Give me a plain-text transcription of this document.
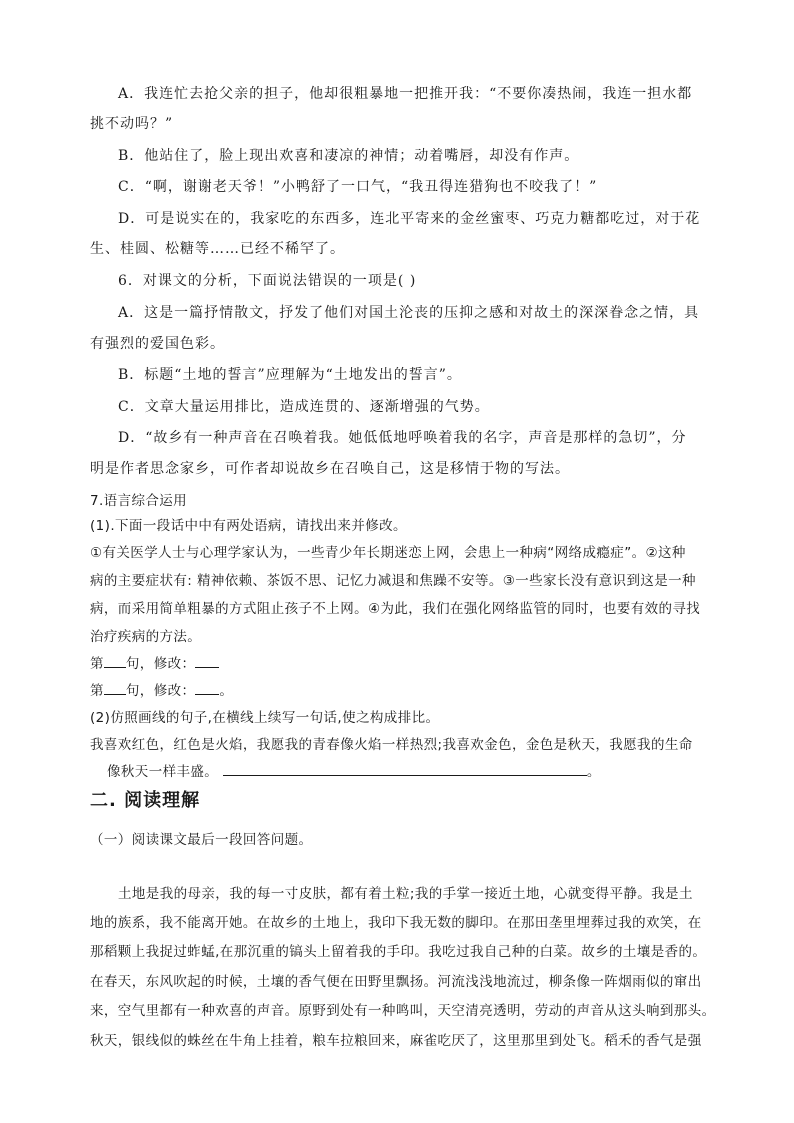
A．我连忙去抢父亲的担子，他却很粗暴地一把推开我：“不要你凑热闹，我连一担水都
挑不动吗？”
B．他站住了，脸上现出欢喜和凄凉的神情；动着嘴唇，却没有作声。
C．“啊，谢谢老天爷！”小鸭舒了一口气，“我丑得连猎狗也不咬我了！”
D．可是说实在的，我家吃的东西多，连北平寄来的金丝蜜枣、巧克力糖都吃过，对于花
生、桂圆、松糖等……已经不稀罕了。
6．对课文的分析，下面说法错误的一项是( )
A．这是一篇抒情散文，抒发了他们对国土沦丧的压抑之感和对故土的深深眷念之情，具
有强烈的爱国色彩。
B．标题“土地的誓言”应理解为“土地发出的誓言”。
C．文章大量运用排比，造成连贯的、逐渐增强的气势。
D．“故乡有一种声音在召唤着我。她低低地呼唤着我的名字，声音是那样的急切”，分
明是作者思念家乡，可作者却说故乡在召唤自己，这是移情于物的写法。
7.语言综合运用
(1).下面一段话中中有两处语病，请找出来并修改。
①有关医学人士与心理学家认为，一些青少年长期迷恋上网，会患上一种病“网络成瘾症”。②这种
病的主要症状有: 精神依赖、茶饭不思、记忆力减退和焦躁不安等。③一些家长没有意识到这是一种
病，而采用简单粗暴的方式阻止孩子不上网。④为此，我们在强化网络监管的同时，也要有效的寻找
治疗疾病的方法。
第 句，修改：
第 句，修改： 。
(2)仿照画线的句子,在横线上续写一句话,使之构成排比。
我喜欢红色，红色是火焰，我愿我的青春像火焰一样热烈;我喜欢金色，金色是秋天，我愿我的生命
像秋天一样丰盛。	。
二. 阅读理解
（一）阅读课文最后一段回答问题。
土地是我的母亲，我的每一寸皮肤，都有着土粒;我的手掌一接近土地，心就变得平静。我是土
地的族系，我不能离开她。在故乡的土地上，我印下我无数的脚印。在那田垄里埋葬过我的欢笑，在
那稻颗上我捉过蚱蜢,在那沉重的镐头上留着我的手印。我吃过我自己种的白菜。故乡的土壤是香的。
在春天，东风吹起的时候，土壤的香气便在田野里飘扬。河流浅浅地流过，柳条像一阵烟雨似的窜出
来，空气里都有一种欢喜的声音。原野到处有一种鸣叫，天空清亮透明，劳动的声音从这头响到那头。
秋天，银线似的蛛丝在牛角上挂着，粮车拉粮回来，麻雀吃厌了，这里那里到处飞。稻禾的香气是强
